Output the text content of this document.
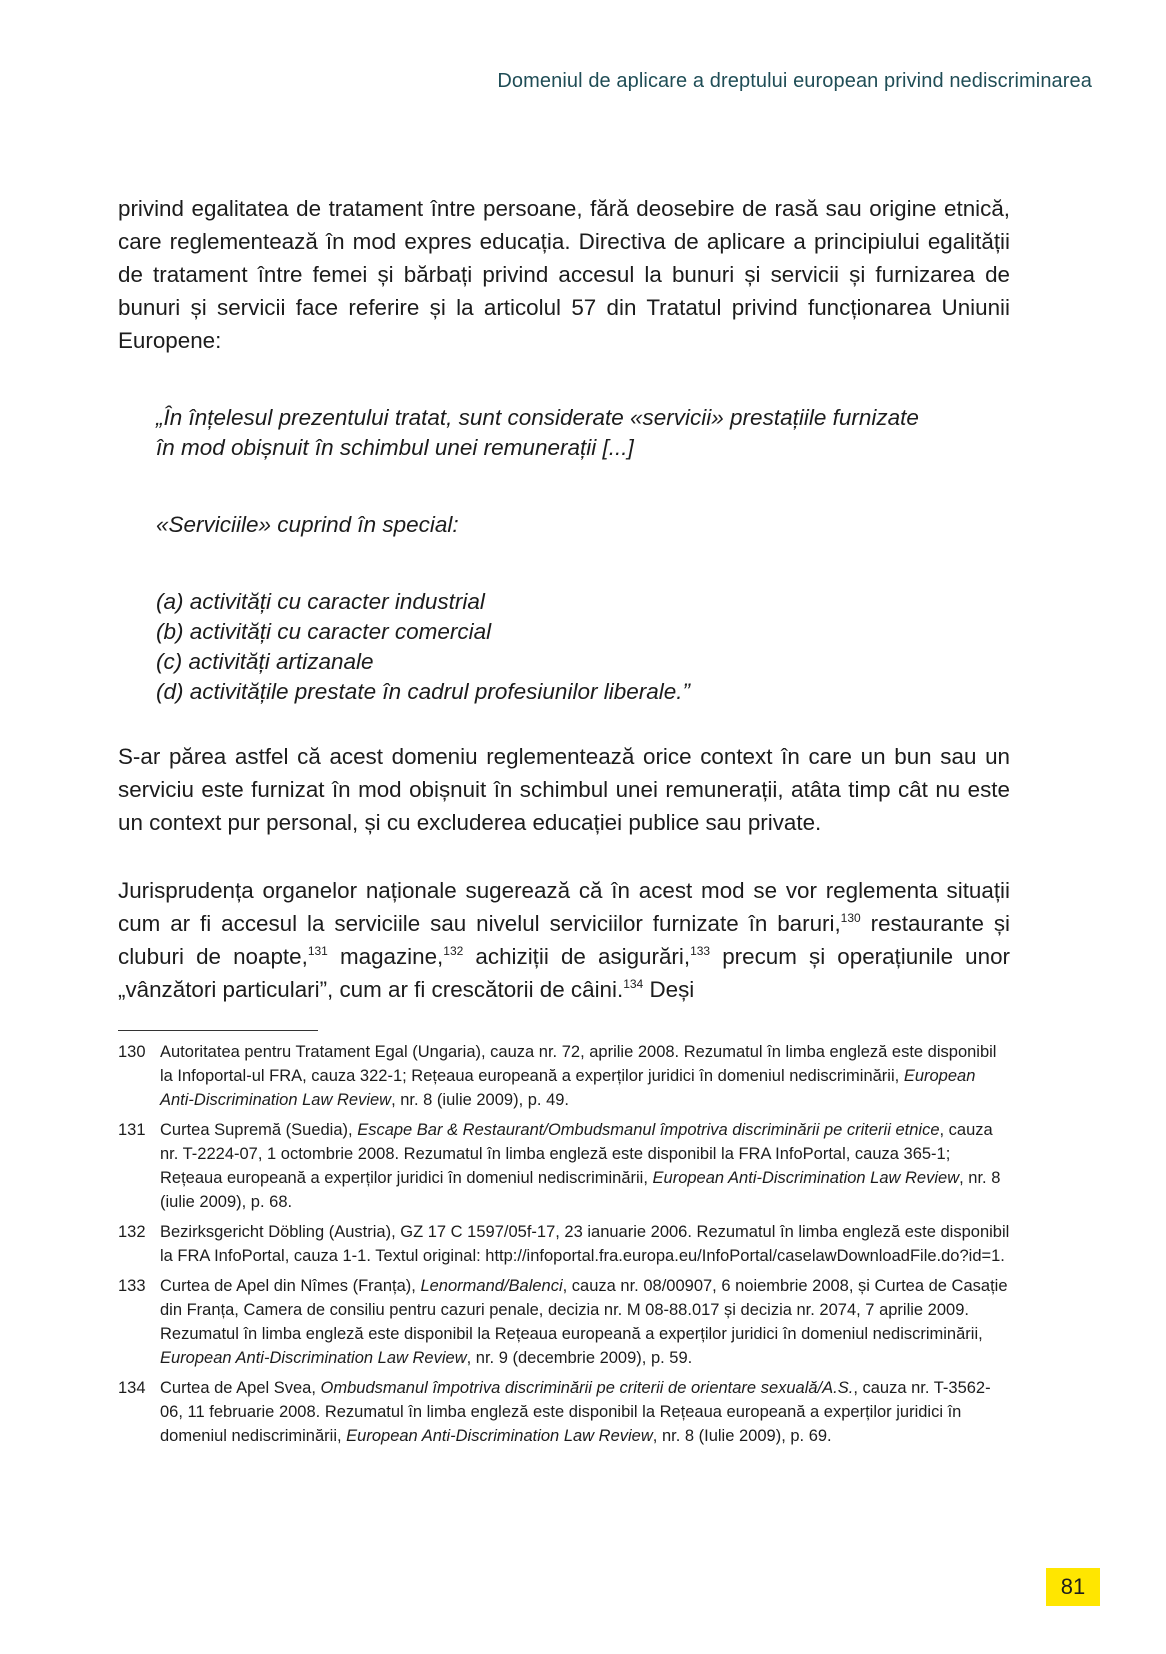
Domeniul de aplicare a dreptului european privind nediscriminarea

privind egalitatea de tratament între persoane, fără deosebire de rasă sau origine etnică, care reglementează în mod expres educația. Directiva de aplicare a principiului egalității de tratament între femei și bărbați privind accesul la bunuri și servicii și furnizarea de bunuri și servicii face referire și la articolul 57 din Tratatul privind funcționarea Uniunii Europene:

„În înțelesul prezentului tratat, sunt considerate «servicii» prestațiile furnizate
în mod obișnuit în schimbul unei remunerații [...]
«Serviciile» cuprind în special:
(a) activități cu caracter industrial
(b) activități cu caracter comercial
(c) activități artizanale
(d) activitățile prestate în cadrul profesiunilor liberale.”

S-ar părea astfel că acest domeniu reglementează orice context în care un bun sau un serviciu este furnizat în mod obișnuit în schimbul unei remunerații, atâta timp cât nu este un context pur personal, și cu excluderea educației publice sau private.

Jurisprudența organelor naționale sugerează că în acest mod se vor reglementa situații cum ar fi accesul la serviciile sau nivelul serviciilor furnizate în baruri,$^{130}$ restaurante și cluburi de noapte,$^{131}$ magazine,$^{132}$ achiziții de asigurări,$^{133}$ precum și operațiunile unor „vânzători particulari”, cum ar fi crescătorii de câini.$^{134}$ Deși

130 Autoritatea pentru Tratament Egal (Ungaria), cauza nr. 72, aprilie 2008. Rezumatul în limba engleză este disponibil la Infoportal-ul FRA, cauza 322-1; Rețeaua europeană a experților juridici în domeniul nediscriminării, European Anti-Discrimination Law Review, nr. 8 (iulie 2009), p. 49.
131 Curtea Supremă (Suedia), Escape Bar & Restaurant/Ombudsmanul împotriva discriminării pe criterii etnice, cauza nr. T-2224-07, 1 octombrie 2008. Rezumatul în limba engleză este disponibil la FRA InfoPortal, cauza 365-1; Rețeaua europeană a experților juridici în domeniul nediscriminării, European Anti-Discrimination Law Review, nr. 8 (iulie 2009), p. 68.
132 Bezirksgericht Döbling (Austria), GZ 17 C 1597/05f-17, 23 ianuarie 2006. Rezumatul în limba engleză este disponibil la FRA InfoPortal, cauza 1-1. Textul original: http://infoportal.fra.europa.eu/InfoPortal/caselawDownloadFile.do?id=1.
133 Curtea de Apel din Nîmes (Franța), Lenormand/Balenci, cauza nr. 08/00907, 6 noiembrie 2008, și Curtea de Casație din Franța, Camera de consiliu pentru cazuri penale, decizia nr. M 08-88.017 și decizia nr. 2074, 7 aprilie 2009. Rezumatul în limba engleză este disponibil la Rețeaua europeană a experților juridici în domeniul nediscriminării, European Anti-Discrimination Law Review, nr. 9 (decembrie 2009), p. 59.
134 Curtea de Apel Svea, Ombudsmanul împotriva discriminării pe criterii de orientare sexuală/A.S., cauza nr. T-3562-06, 11 februarie 2008. Rezumatul în limba engleză este disponibil la Rețeaua europeană a experților juridici în domeniul nediscriminării, European Anti-Discrimination Law Review, nr. 8 (Iulie 2009), p. 69.
81
